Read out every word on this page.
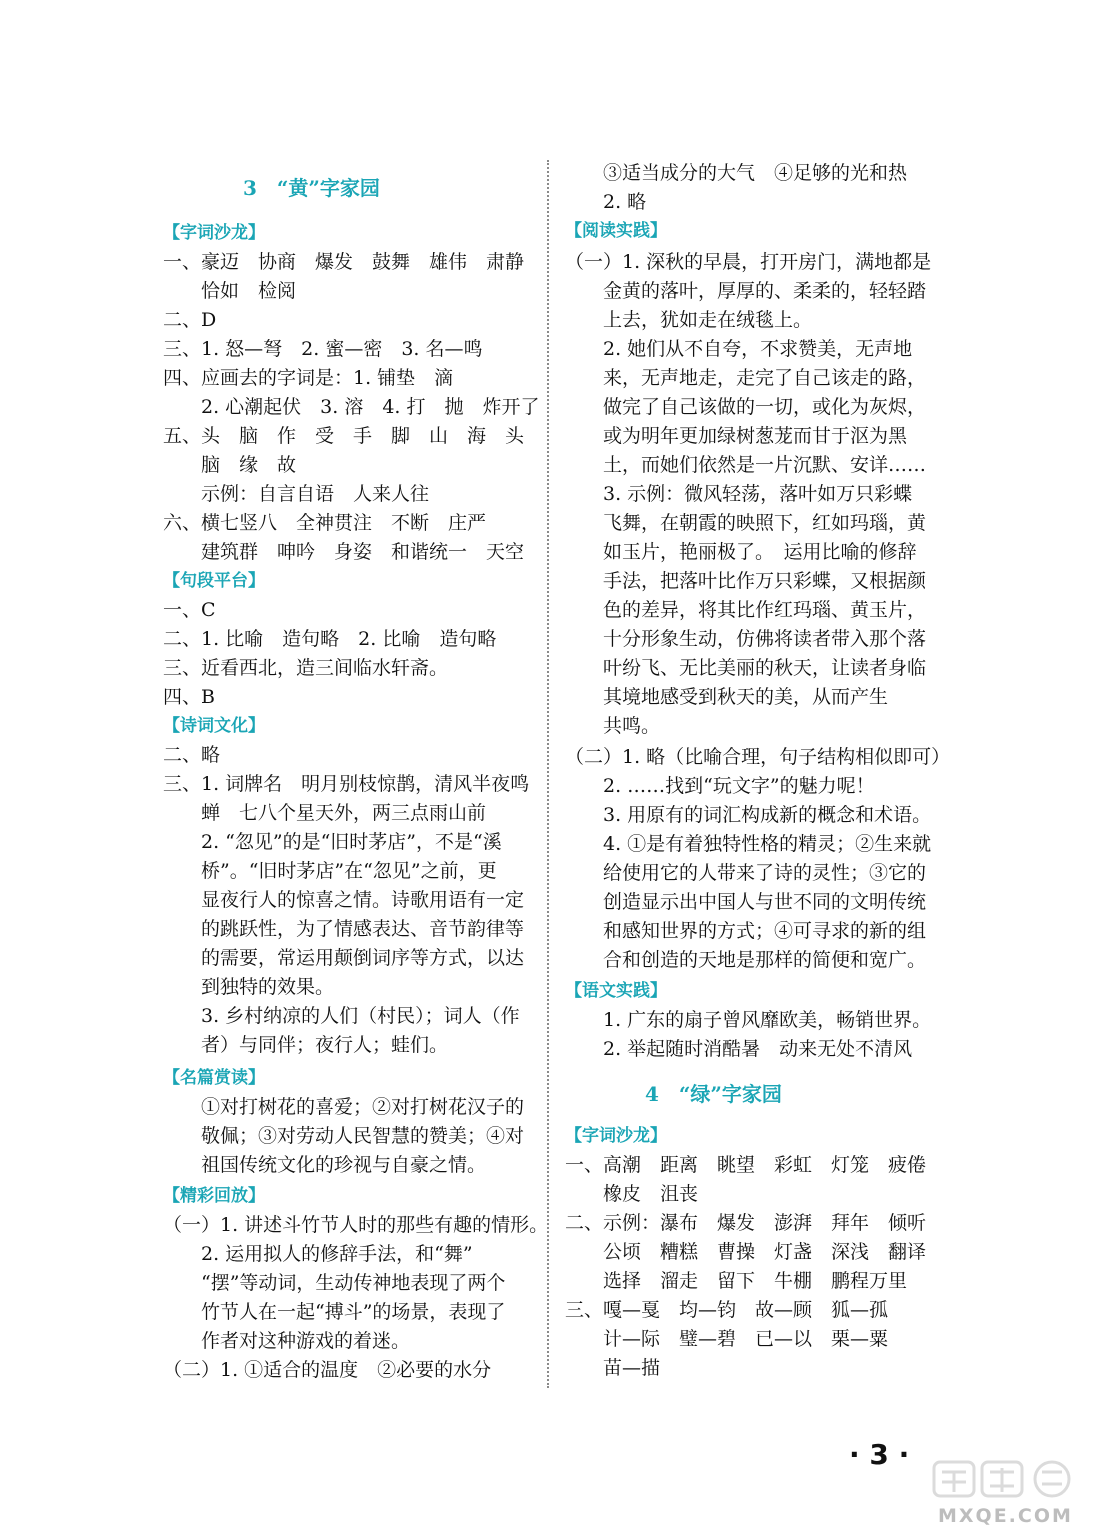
3　“黄”字家园
【字词沙龙】
一、豪迈　协商　爆发　鼓舞　雄伟　肃静
　　恰如　检阅
二、D
三、1. 怒—弩　2. 蜜—密　3. 名—鸣
四、应画去的字词是：1. 铺垫　滴
　　2. 心潮起伏　3. 溶　4. 打　抛　炸开了
五、头　脑　作　受　手　脚　山　海　头
　　脑　缘　故
　　示例：自言自语　人来人往
六、横七竖八　全神贯注　不断　庄严
　　建筑群　呻吟　身姿　和谐统一　天空
【句段平台】
一、C
二、1. 比喻　造句略　2. 比喻　造句略
三、近看西北，造三间临水轩斋。
四、B
【诗词文化】
二、略
三、1. 词牌名　明月别枝惊鹊，清风半夜鸣
　　蝉　七八个星天外，两三点雨山前
　　2. “忽见”的是“旧时茅店”，不是“溪
　　桥”。“旧时茅店”在“忽见”之前，更
　　显夜行人的惊喜之情。诗歌用语有一定
　　的跳跃性，为了情感表达、音节韵律等
　　的需要，常运用颠倒词序等方式，以达
　　到独特的效果。
　　3. 乡村纳凉的人们（村民）；词人（作
　　者）与同伴；夜行人；蛙们。
【名篇赏读】
　　①对打树花的喜爱；②对打树花汉子的
　　敬佩；③对劳动人民智慧的赞美；④对
　　祖国传统文化的珍视与自豪之情。
【精彩回放】
（一）1. 讲述斗竹节人时的那些有趣的情形。
　　2. 运用拟人的修辞手法，和“舞”
　　“摆”等动词，生动传神地表现了两个
　　竹节人在一起“搏斗”的场景，表现了
　　作者对这种游戏的着迷。
（二）1. ①适合的温度　②必要的水分
　　③适当成分的大气　④足够的光和热
　　2. 略
【阅读实践】
（一）1. 深秋的早晨，打开房门，满地都是
　　金黄的落叶，厚厚的、柔柔的，轻轻踏
　　上去，犹如走在绒毯上。
　　2. 她们从不自夸，不求赞美，无声地
　　来，无声地走，走完了自己该走的路，
　　做完了自己该做的一切，或化为灰烬，
　　或为明年更加绿树葱茏而甘于沤为黑
　　土，而她们依然是一片沉默、安详……
　　3. 示例：微风轻荡，落叶如万只彩蝶
　　飞舞，在朝霞的映照下，红如玛瑙，黄
　　如玉片，艳丽极了。　运用比喻的修辞
　　手法，把落叶比作万只彩蝶，又根据颜
　　色的差异，将其比作红玛瑙、黄玉片，
　　十分形象生动，仿佛将读者带入那个落
　　叶纷飞、无比美丽的秋天，让读者身临
　　其境地感受到秋天的美，从而产生
　　共鸣。
（二）1. 略（比喻合理，句子结构相似即可）
　　2. ……找到“玩文字”的魅力呢！
　　3. 用原有的词汇构成新的概念和术语。
　　4. ①是有着独特性格的精灵；②生来就
　　给使用它的人带来了诗的灵性；③它的
　　创造显示出中国人与世不同的文明传统
　　和感知世界的方式；④可寻求的新的组
　　合和创造的天地是那样的简便和宽广。
【语文实践】
　　1. 广东的扇子曾风靡欧美，畅销世界。
　　2. 举起随时消酷暑　动来无处不清风
4　“绿”字家园
【字词沙龙】
一、高潮　距离　眺望　彩虹　灯笼　疲倦
　　橡皮　沮丧
二、示例：瀑布　爆发　澎湃　拜年　倾听
　　公顷　糟糕　曹操　灯盏　深浅　翻译
　　选择　溜走　留下　牛棚　鹏程万里
三、嘎—戛　均—钧　故—顾　狐—孤
　　计—际　璧—碧　已—以　栗—粟
　　苗—描
· 3 ·
MXQE.COM
